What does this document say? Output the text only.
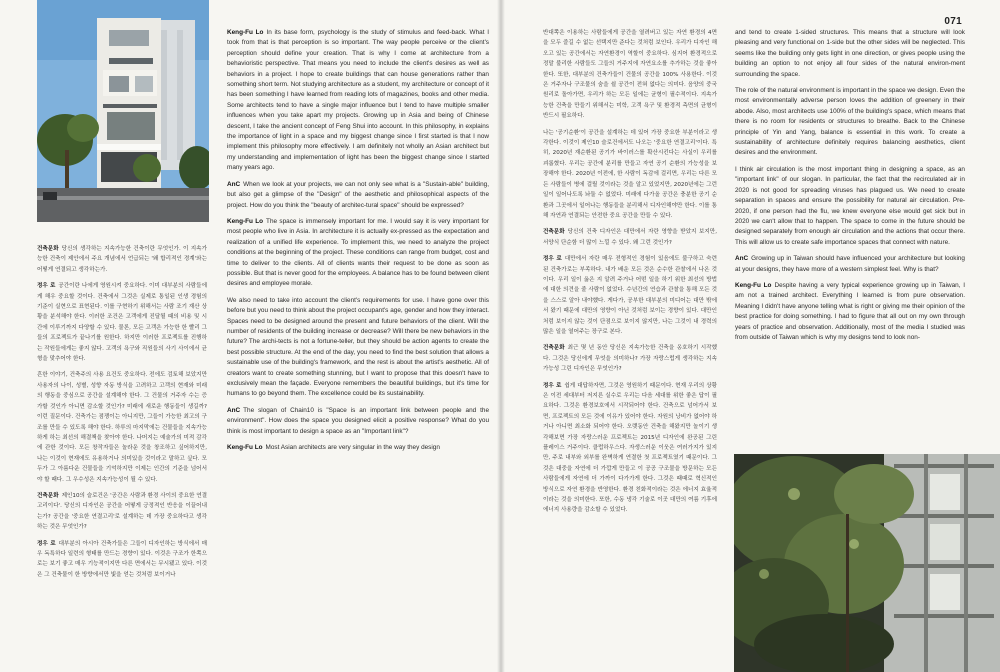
건축문화 당신의 생각하는 지속가능한 건축이란 무엇인가. 이 지속가능한 건축이 제안에서 주요 개념에서 언급되는 '왜 합리적인 경계'와는 어떻게 연결되고 생각하는가.

정우 로 공간이란 나에게 영원시켜 중요하다. 이미 대부분의 사람들에게 해우 중요할 것이다. 건축에서 그것은 실제로 통일된 인생 경험의 기준이 실현으로 표현된다. 이를 구현하기 위해서는 사람 조기 재산 상황을 분석해야 한다. 이러한 조건은 고객에게 진달될 때의 비용 및 시간에 이루기까지 다양할 수 있다. 물론, 모든 고객은 가능한 한 빨리 그들의 프로젝트가 끝나기를 원한다. 하지만 이러한 프로젝트를 진행하는 작원들에게는 좋지 않다. 고객의 욕구와 직원들의 사기 사이에서 균형을 맞추어야 한다.

흔한 이야기, 건축주의 사용 요건도 중요하다. 전에도 검토해 보았지만 사용자의 나이, 성별, 성향 자동 방식을 고려하고 고객의 현재와 미래의 행동을 중심으로 공간을 설계해야 한다. 그 건물의 거주자 수는 증가할 것인가 아니면 감소할 것인가? 미래에 새로운 행동들이 생길까? 이런 질문이다. 건축가는 점쟁이는 아니지만, 그들이 가능한 최고의 구조를 만들 수 있도록 해야 한다. 하루의 마지막에는 건물들을 지속가능하게 하는 최선의 해결책을 찾아야 한다. 나머지는 예술가의 미적 감각에 관한 것이다. 모든 창작자들은 놀라운 것을 창조하고 싶어하지만, 나는 이것이 현재에도 유용하거나 의미있을 것이라고 말하고 싶다. 모두가 그 아름다운 건물들을 기억하지만 이제는 인간의 기준을 넘어서야 할 때다. 그 우수성은 지속가능성이 될 수 있다.

건축문화 제인10의 슬로건은 '공간은 사람과 환경 사이의 중요한 연결고리이다'. 당신의 디자인은 공간을 어떻게 긍정적인 반응을 이끌어내는가? 공간을 '중요한 연결고리'로 설계하는 데 가장 중요하다고 생각하는 것은 무엇인가?

정우 로 대부분의 아시아 건축가들은 그들이 디자인하는 방식에서 매우 독특하다 일련의 형태를 만드는 경향이 있다. 이것은 구조가 한쪽으로는 보기 좋고 매우 기능적이지만 다른 면에서는 무시됐고 있다. 이것은 그 건축물이 한 방향에서만 빛을 얻는 것처럼 보이거나

Keng-Fu Lo In its base form, psychology is the study of stimulus and feed-back. What I took from that is that perception is so important. The way people perceive or the client's perception should define your creation. That is why I come at architecture from a behavioristic perspective. That means you need to include the client's desires as well as behaviors in a project. I hope to create buildings that can house generations rather than something short term. Not studying architecture as a student, my architecture or concept of it has been something I have learned from reading lots of magazines, books and other media. Some architects tend to have a single major influence but I tend to have multiple smaller influences when you take apart my projects. Growing up in Asia and being of Chinese descent, I take the ancient concept of Feng Shui into account. In this philosophy, in explains the importance of light in a space and my biggest change since I first started is that I now implement this philosophy more effectively. I am definitely not wholly an Asian architect but my understanding and implementation of light has been the biggest change since I started many years ago.

AnC When we look at your projects, we can not only see what is a "Sustain-able" building, but also get a glimpse of the "Design" of the aesthetic and philosophical aspects of the project. How do you think the "beauty of architec-tural space" should be expressed?

Keng-Fu Lo The space is immensely important for me. I would say it is very important for most people who live in Asia. In architecture it is actually ex-pressed as the expectation and realization of a unified life experience. To implement this, we need to analyze the project conditions at the beginning of the project. These conditions can range from budget, cost and time to deliver to the clients. All of clients wants their request to be done as soon as possible. But that is never good for the employees. A balance has to be found between client desires and employee morale.

We also need to take into account the client's requirements for use. I have gone over this before but you need to think about the project occupant's age, gender and how they interact. Spaces need to be designed around the present and future behaviors of the client. Will the number of residents of the building increase or decrease? Will there be new behaviors in the future? The archi-tects is not a fortune-teller, but they should be action agents to create the best possible structure. At the end of the day, you need to find the best solution that allows a sustainable use of the building's framework, and the rest is about the artist's aesthetic. All of creators want to create something stunning, but I want to propose that this doesn't have to exclusively mean the façade. Everyone remembers the beautiful buildings, but it's time for humans to go beyond them. The excellence could be its sustainability.

AnC The slogan of Chain10 is "Space is an important link between people and the environment". How does the space you designed elicit a positive response? What do you think is most important to design a space as an "Important link"?

Keng-Fu Lo Most Asian architects are very singular in the way they design

071

반대쪽은 이용하는 사람들에게 공간을 열려버고 있는 자연 환경의 4면을 모두 즐길 수 없는 선택지만 준다는 것처럼 보인다. 우리가 디자인 해오고 있는 공간에서는 자연환경이 역할이 중요하다. 심지어 환경적으로 정말 불리한 사람들도 그들의 거주지에 자연요소를 추가하는 것을 좋아한다. 또한, 대부분의 건축가들이 건물의 공간을 100% 사용한다. 이것은 거주자나 구조물의 숨을 쉴 공간이 전혀 없다는 의미다. 음양의 중국 원리로 돌아가면, 우리가 하는 모든 일에는 균형이 필수적이다. 지속가능한 건축을 만들기 위해서는 미학, 고객 욕구 및 환경적 측면의 균형이 반드시 필요하다.

나는 '공기순환'이 공간을 설계하는 데 있어 가장 중요한 부분이라고 생각한다. 이것이 제인10 슬로건에서도 나오는 '중요한 연결고리'이다. 특히, 2020년 재순환된 공기가 바이러스를 확산시킨다는 사실이 우리를 괴롭혔다. 우리는 공간에 분리를 만들고 자연 공기 순환의 가능성을 보장해야 한다. 2020년 이전에, 한 사람이 독감에 걸리면, 우리는 다른 모든 사람들이 병에 걸릴 것이라는 것을 알고 있었지만, 2020년에는 그런 일이 일어나도록 놔둘 수 없었다. 미래에 다가올 공간은 충분한 공기 순환과 그곳에서 일어나는 행동들을 분리해서 디자인해야만 한다. 이를 통해 자연과 연결되는 안전한 중요 공간을 만들 수 있다.

건축문화 당신의 건축 디자인은 대만에서 자란 영향을 받았지 보지만, 서양식 단순함 더 많이 느낄 수 있다. 왜 그런 것인가?

정우 로 대만에서 자란 매우 전형적인 경험이 있음에도 불구하고 숙련된 건축가로는 부족하다. 내가 배운 모든 것은 순수한 관찰에서 나온 것이다. 우리 일이 옳은 지 알려 주거나 어떤 일을 하기 위한 최선의 방법에 대한 의견을 줄 사람이 없었다. 수년간의 연습과 관찰을 통해 모든 것을 스스로 알아 내야했다. 게다가, 공부한 대부분의 미디어는 대만 밖에서 왔기 때문에 대만의 영향이 아닌 것처럼 보이는 경향이 있다. 대만인처럼 보이지 않는 것이 단점으로 보이지 않지만, 나는 그것이 내 경력의 많은 일을 열어주는 장구로 본다.

건축문화 최근 몇 년 동안 당신은 지속가능한 건축을 옹호하기 시작했다. 그것은 당신에게 무엇을 의미하나? 가장 자랑스럽게 생각하는 지속가능성 그린 디자인은 무엇인가?

정우 로 쉽게 대답하자면, 그것은 영원하기 때문이다. 현재 우리의 상황은 이전 세대부터 저지른 실수로 우리는 다음 세대를 위한 좋은 답이 필요하다. 그것은 환경보호에서 시작되어야 한다. 건축으로 넘어가서 보면, 프로젝트의 모든 것에 이유가 있어야 한다. 자원의 낭비가 없어야 하거나 아니면 최소화 되어야 한다. 오랫동안 건축을 해왔지만 놀이기 생각해보면 가장 자랑스러운 프로젝트는 2015년 디자인에 완공된 그린 플레이스 거주이다. 클럽하우스다. 자생스러운 이웃은 여러가지가 있지만, 주로 내부와 외부를 완벽하게 연결한 첫 프로젝트였기 때문이다. 그것은 대중을 자연에 더 가깝게 만들고 이 공공 구조물을 방문하는 모든 사람들에게 자연에 더 가까이 다가가게 한다. 그것은 때때로 혁신적인 방식으로 자연 환경을 반영한다. 환경 친화적이라는 것은 에너지 효율적이라는 것을 의미한다. 또한, 수동 냉각 기술로 이곳 대만의 여름 기후에 에너지 사용량을 감소할 수 있었다.

and tend to create 1-sided structures. This means that a structure will look pleasing and very functional on 1-side but the other sides will be neglected. This seems like the building only gets light in one direction, or gives people using the building an option to not enjoy all four sides of the natural environ-ment surrounding the space.

The role of the natural environment is important in the space we design. Even the most environmentally adverse person loves the addition of greenery in their abode. Also, most architects use 100% of the building's space, which means that there is no room for residents or structures to breathe. Back to the Chinese principle of Yin and Yang, balance is essential in this work. To create a sustainability of architecture definitely requires balancing aesthetics, client desires and the environment.

I think air circulation is the most important thing in designing a space, as an "important link" of our slogan. In particular, the fact that the recirculated air in 2020 is not good for spreading viruses has plagued us. We need to create separation in spaces and ensure the possibility for natural air circulation. Pre-2020, if one person had the flu, we knew everyone else would get sick but in 2020 we can't allow that to happen. The space to come in the future should be designed separately from enough air circulation and the actions that occur there. This will allow us to create safe importance spaces that connect with nature.

AnC Growing up in Taiwan should have influenced your architecture but looking at your designs, they have more of a western simplest feel. Why is that?

Keng-Fu Lo Despite having a very typical experience growing up in Taiwan, I am not a trained architect. Everything I learned is from pure observation. Meaning I didn't have anyone telling what is right or giving me their opinion of the best practice for doing something. I had to figure that all out on my own through years of practice and observation. Additionally, most of the media I studied was from outside of Taiwan which is why my designs tend to look non-
